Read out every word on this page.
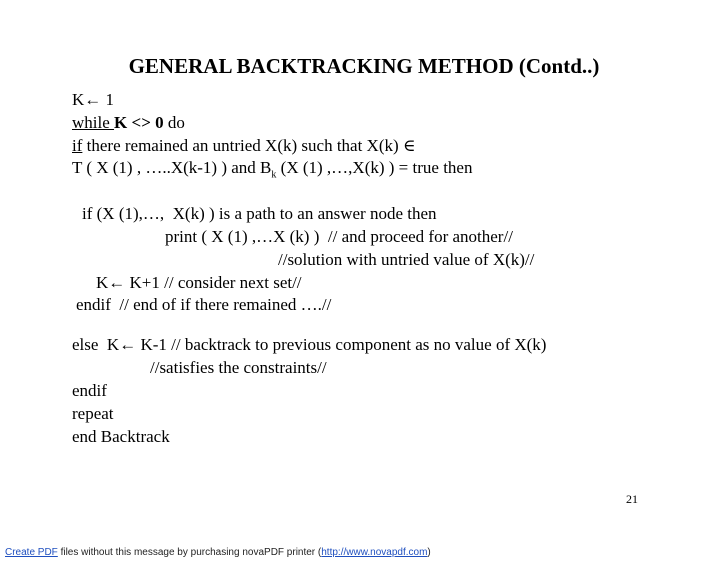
GENERAL BACKTRACKING METHOD (Contd..)
K← 1
while K <> 0 do
if there remained an untried X(k) such that X(k) ∈
T ( X (1) , …..X(k-1) ) and $B_k$ (X (1) ,…,X(k) ) = true then
if (X (1),…,  X(k) ) is a path to an answer node then
print ( X (1) ,…X (k) )  // and proceed for another//
//solution with untried value of X(k)//
K← K+1 // consider next set//
endif  // end of if there remained ….//
else  K← K-1 // backtrack to previous component as no value of X(k)
//satisfies the constraints//
endif
repeat
end Backtrack
21
Create PDF files without this message by purchasing novaPDF printer (http://www.novapdf.com)
